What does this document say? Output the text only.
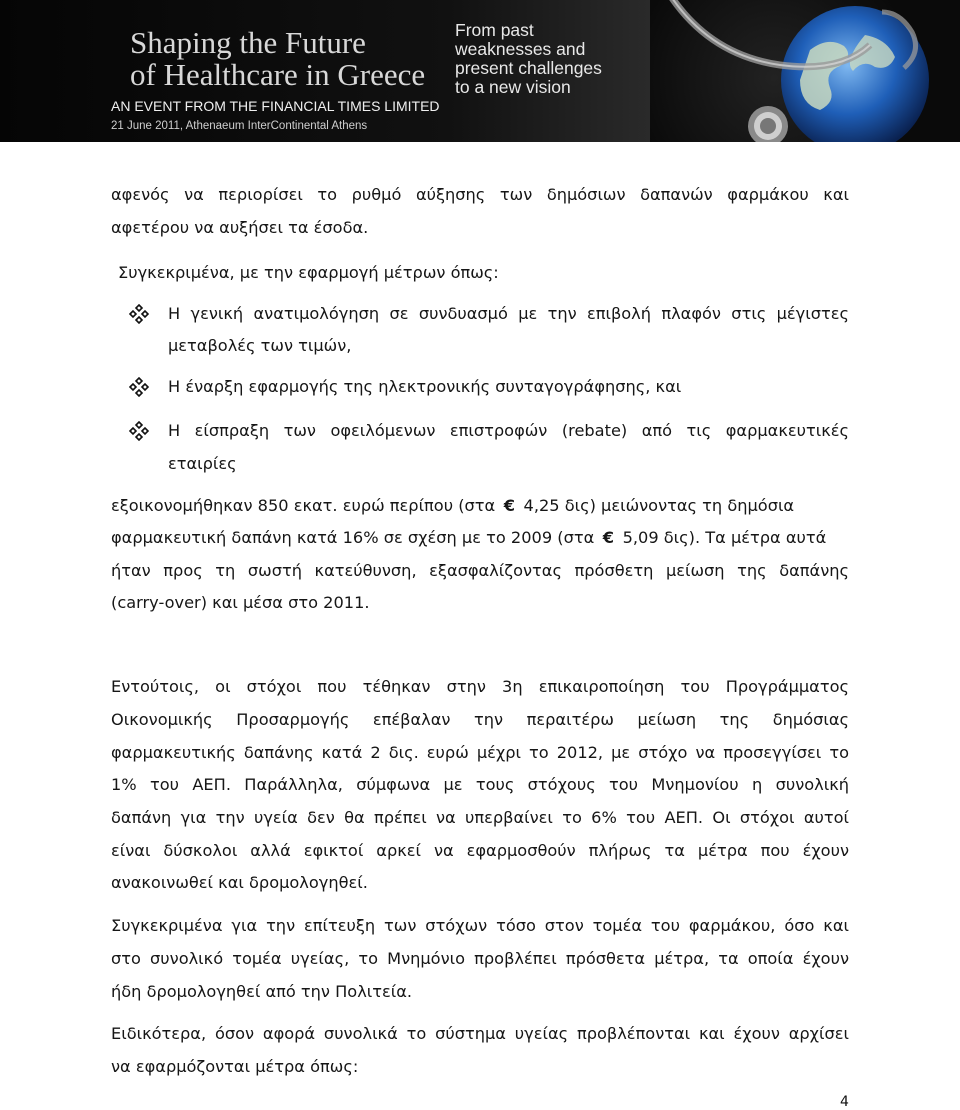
Shaping the Future
of Healthcare in Greece
AN EVENT FROM THE FINANCIAL TIMES LIMITED
21 June 2011, Athenaeum InterContinental Athens
From past
weaknesses and
present challenges
to a new vision
αφενός να περιορίσει το ρυθμό αύξησης των δημόσιων δαπανών φαρμάκου και
αφετέρου να αυξήσει τα έσοδα.
Συγκεκριμένα, με την εφαρμογή μέτρων όπως:
Η γενική ανατιμολόγηση σε συνδυασμό με την επιβολή πλαφόν στις μέγιστες
μεταβολές των τιμών,
Η έναρξη εφαρμογής της ηλεκτρονικής συνταγογράφησης, και
Η είσπραξη των οφειλόμενων επιστροφών (rebate) από τις φαρμακευτικές
εταιρίες
εξοικονομήθηκαν 850 εκατ. ευρώ περίπου (στα € 4,25 δις) μειώνοντας τη δημόσια
φαρμακευτική δαπάνη κατά 16% σε σχέση με το 2009 (στα € 5,09 δις). Τα μέτρα αυτά
ήταν προς τη σωστή κατεύθυνση, εξασφαλίζοντας πρόσθετη μείωση της δαπάνης
(carry-over) και μέσα στο 2011.
Εντούτοις, οι στόχοι που τέθηκαν στην 3η επικαιροποίηση του Προγράμματος
Οικονομικής Προσαρμογής επέβαλαν την περαιτέρω μείωση της δημόσιας
φαρμακευτικής δαπάνης κατά 2 δις. ευρώ μέχρι το 2012, με στόχο να προσεγγίσει το
1% του ΑΕΠ. Παράλληλα, σύμφωνα με τους στόχους του Μνημονίου η συνολική
δαπάνη για την υγεία δεν θα πρέπει να υπερβαίνει το 6% του ΑΕΠ. Οι στόχοι αυτοί
είναι δύσκολοι αλλά εφικτοί αρκεί να εφαρμοσθούν πλήρως τα μέτρα που έχουν
ανακοινωθεί και δρομολογηθεί.
Συγκεκριμένα για την επίτευξη των στόχων τόσο στον τομέα του φαρμάκου, όσο και
στο συνολικό τομέα υγείας, το Μνημόνιο προβλέπει πρόσθετα μέτρα, τα οποία έχουν
ήδη δρομολογηθεί από την Πολιτεία.
Ειδικότερα, όσον αφορά συνολικά το σύστημα υγείας προβλέπονται και έχουν αρχίσει
να εφαρμόζονται μέτρα όπως:
4
